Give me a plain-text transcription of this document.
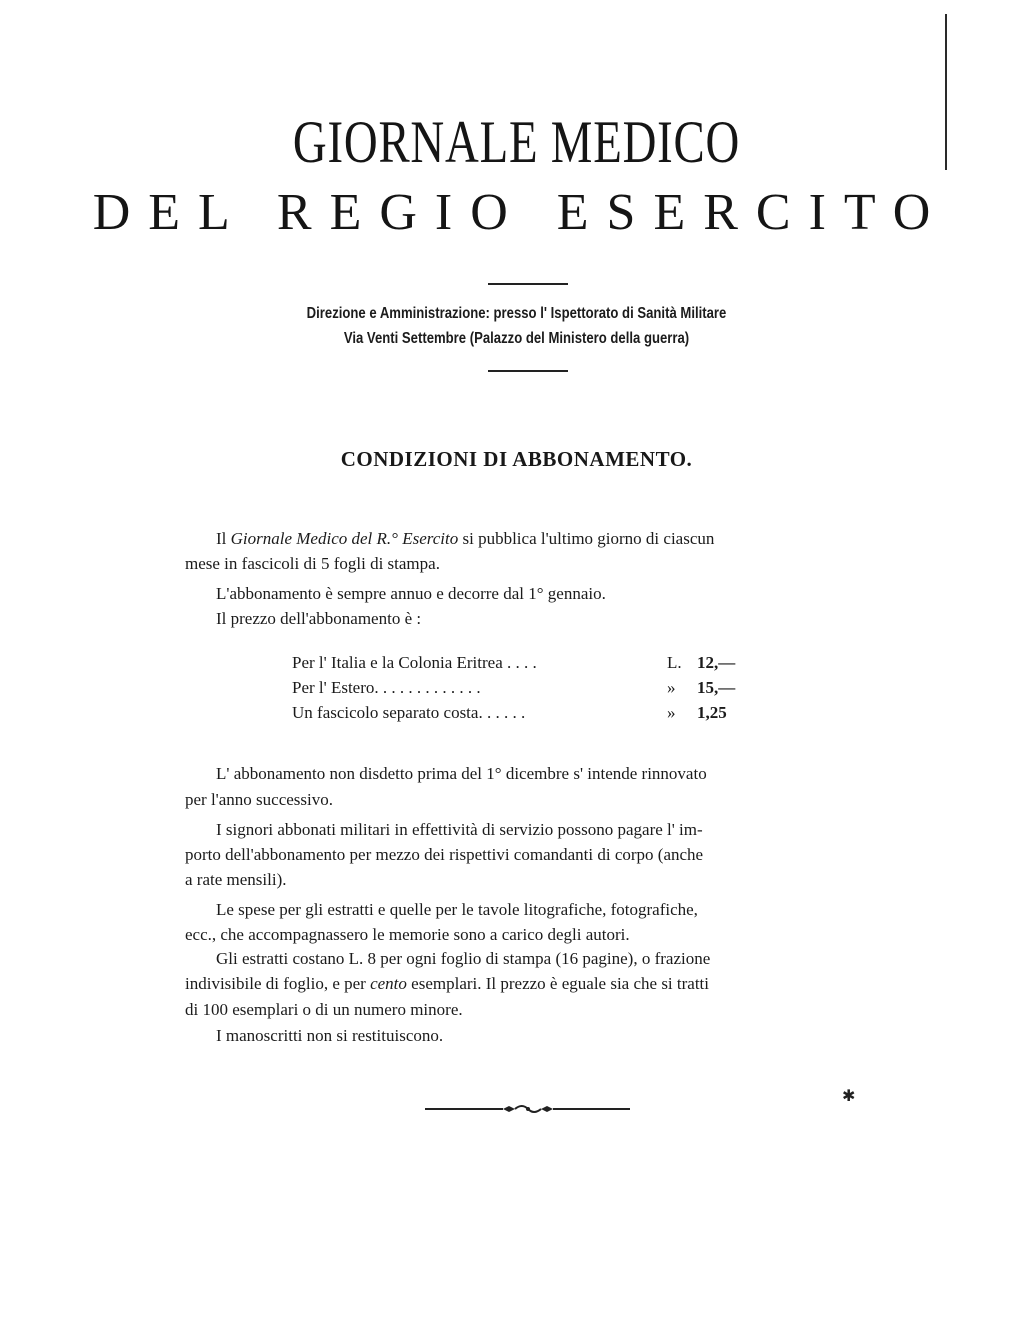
GIORNALE MEDICO
DEL REGIO ESERCITO
Direzione e Amministrazione: presso l' Ispettorato di Sanità Militare
Via Venti Settembre (Palazzo del Ministero della guerra)
CONDIZIONI DI ABBONAMENTO.
Il Giornale Medico del R.° Esercito si pubblica l'ultimo giorno di ciascun
mese in fascicoli di 5 fogli di stampa.
L'abbonamento è sempre annuo e decorre dal 1° gennaio.
Il prezzo dell'abbonamento è :
Per l' Italia e la Colonia Eritrea . . . .	L. 12,—
Per l' Estero. . . . . . . . . . . . .	»	15,—
Un fascicolo separato costa. . . . . .	»	1,25
L' abbonamento non disdetto prima del 1° dicembre s' intende rinnovato
per l'anno successivo.
I signori abbonati militari in effettività di servizio possono pagare l' im-
porto dell'abbonamento per mezzo dei rispettivi comandanti di corpo (anche
a rate mensili).
Le spese per gli estratti e quelle per le tavole litografiche, fotografiche,
ecc., che accompagnassero le memorie sono a carico degli autori.
Gli estratti costano L. 8 per ogni foglio di stampa (16 pagine), o frazione
indivisibile di foglio, e per cento esemplari. Il prezzo è eguale sia che si tratti
di 100 esemplari o di un numero minore.
I manoscritti non si restituiscono.
✱
